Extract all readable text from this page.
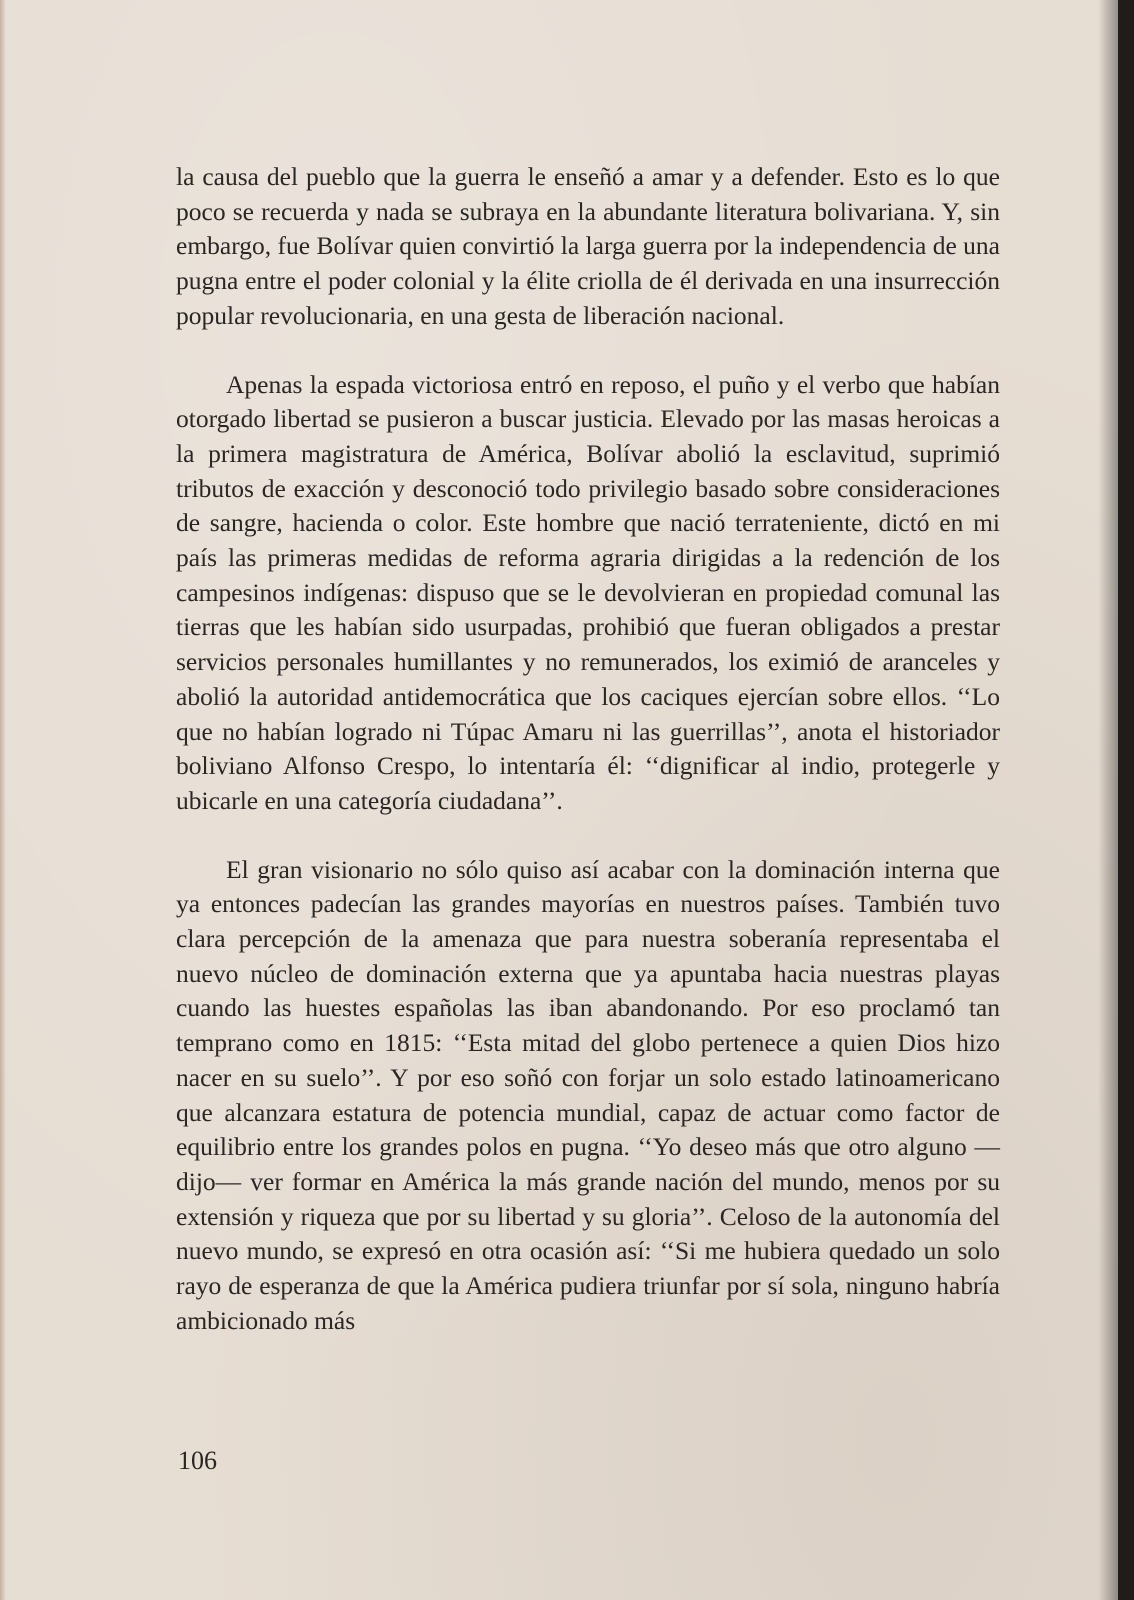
la causa del pueblo que la guerra le enseñó a amar y a defender. Esto es lo que poco se recuerda y nada se subraya en la abundante literatura bolivariana. Y, sin embargo, fue Bolívar quien convirtió la larga guerra por la independencia de una pugna entre el poder colonial y la élite criolla de él derivada en una insurrección popular revolucionaria, en una gesta de liberación nacional.

Apenas la espada victoriosa entró en reposo, el puño y el verbo que habían otorgado libertad se pusieron a buscar justicia. Elevado por las masas heroicas a la primera magistratura de América, Bolívar abolió la esclavitud, suprimió tributos de exacción y desconoció todo privilegio basado sobre consideraciones de sangre, hacienda o color. Este hombre que nació terrateniente, dictó en mi país las primeras medidas de reforma agraria dirigidas a la redención de los campesinos indígenas: dispuso que se le devolvieran en propiedad comunal las tierras que les habían sido usurpadas, prohibió que fueran obligados a prestar servicios personales humillantes y no remunerados, los eximió de aranceles y abolió la autoridad antidemocrática que los caciques ejercían sobre ellos. ‘‘Lo que no habían logrado ni Túpac Amaru ni las guerrillas’’, anota el historiador boliviano Alfonso Crespo, lo intentaría él: ‘‘dignificar al indio, protegerle y ubicarle en una categoría ciudadana’’.

El gran visionario no sólo quiso así acabar con la dominación interna que ya entonces padecían las grandes mayorías en nuestros países. También tuvo clara percepción de la amenaza que para nuestra soberanía representaba el nuevo núcleo de dominación externa que ya apuntaba hacia nuestras playas cuando las huestes españolas las iban abandonando. Por eso proclamó tan temprano como en 1815: ‘‘Esta mitad del globo pertenece a quien Dios hizo nacer en su suelo’’. Y por eso soñó con forjar un solo estado latinoamericano que alcanzara estatura de potencia mundial, capaz de actuar como factor de equilibrio entre los grandes polos en pugna. ‘‘Yo deseo más que otro alguno —dijo— ver formar en América la más grande nación del mundo, menos por su extensión y riqueza que por su libertad y su gloria’’. Celoso de la autonomía del nuevo mundo, se expresó en otra ocasión así: ‘‘Si me hubiera quedado un solo rayo de esperanza de que la América pudiera triunfar por sí sola, ninguno habría ambicionado más

106
